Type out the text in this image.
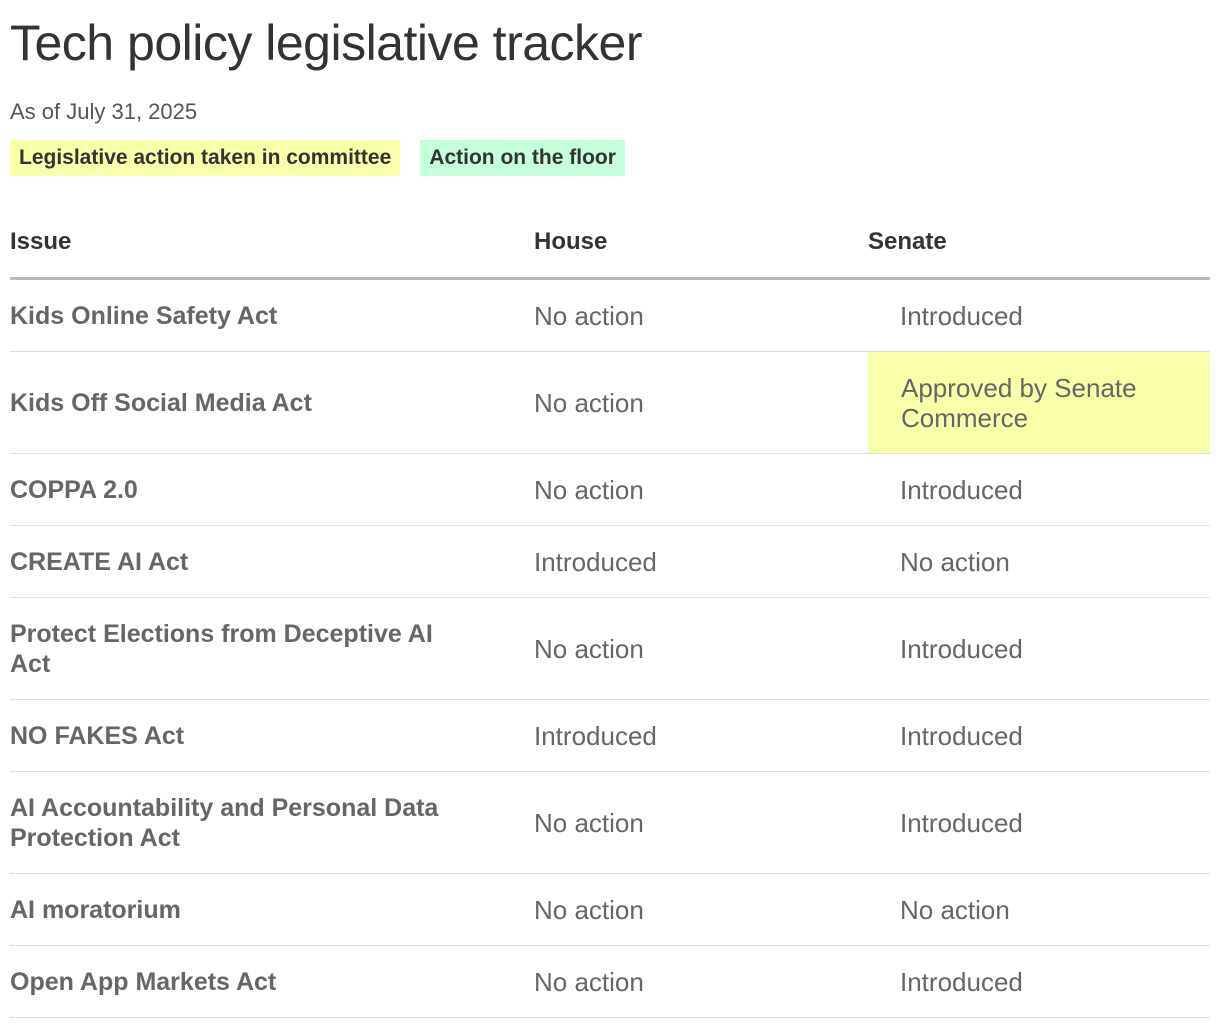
Tech policy legislative tracker
As of July 31, 2025
Legislative action taken in committee	Action on the floor
Issue	House	Senate
Kids Online Safety Act	No action	Introduced
Kids Off Social Media Act	No action	Approved by Senate Commerce
COPPA 2.0	No action	Introduced
CREATE AI Act	Introduced	No action
Protect Elections from Deceptive AI Act	No action	Introduced
NO FAKES Act	Introduced	Introduced
AI Accountability and Personal Data Protection Act	No action	Introduced
AI moratorium	No action	No action
Open App Markets Act	No action	Introduced
